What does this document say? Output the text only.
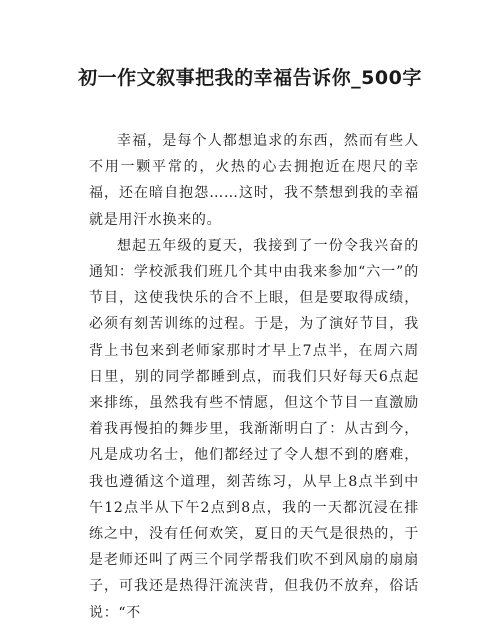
初一作文叙事把我的幸福告诉你_500字

幸福，是每个人都想追求的东西，然而有些人不用一颗平常的，火热的心去拥抱近在咫尺的幸福，还在暗自抱怨……这时，我不禁想到我的幸福就是用汗水换来的。

想起五年级的夏天，我接到了一份令我兴奋的通知：学校派我们班几个其中由我来参加“六一”的节目，这使我快乐的合不上眼，但是要取得成绩，必须有刻苦训练的过程。于是，为了演好节目，我背上书包来到老师家那时才早上7点半，在周六周日里，别的同学都睡到点，而我们只好每天6点起来排练，虽然我有些不情愿，但这个节目一直激励着我再慢拍的舞步里，我渐渐明白了：从古到今，凡是成功名士，他们都经过了令人想不到的磨难，我也遵循这个道理，刻苦练习，从早上8点半到中午12点半从下午2点到8点，我的一天都沉浸在排练之中，没有任何欢笑，夏日的天气是很热的，于是老师还叫了两三个同学帮我们吹不到风扇的扇扇子，可我还是热得汗流浃背，但我仍不放弃，俗话说：“不
